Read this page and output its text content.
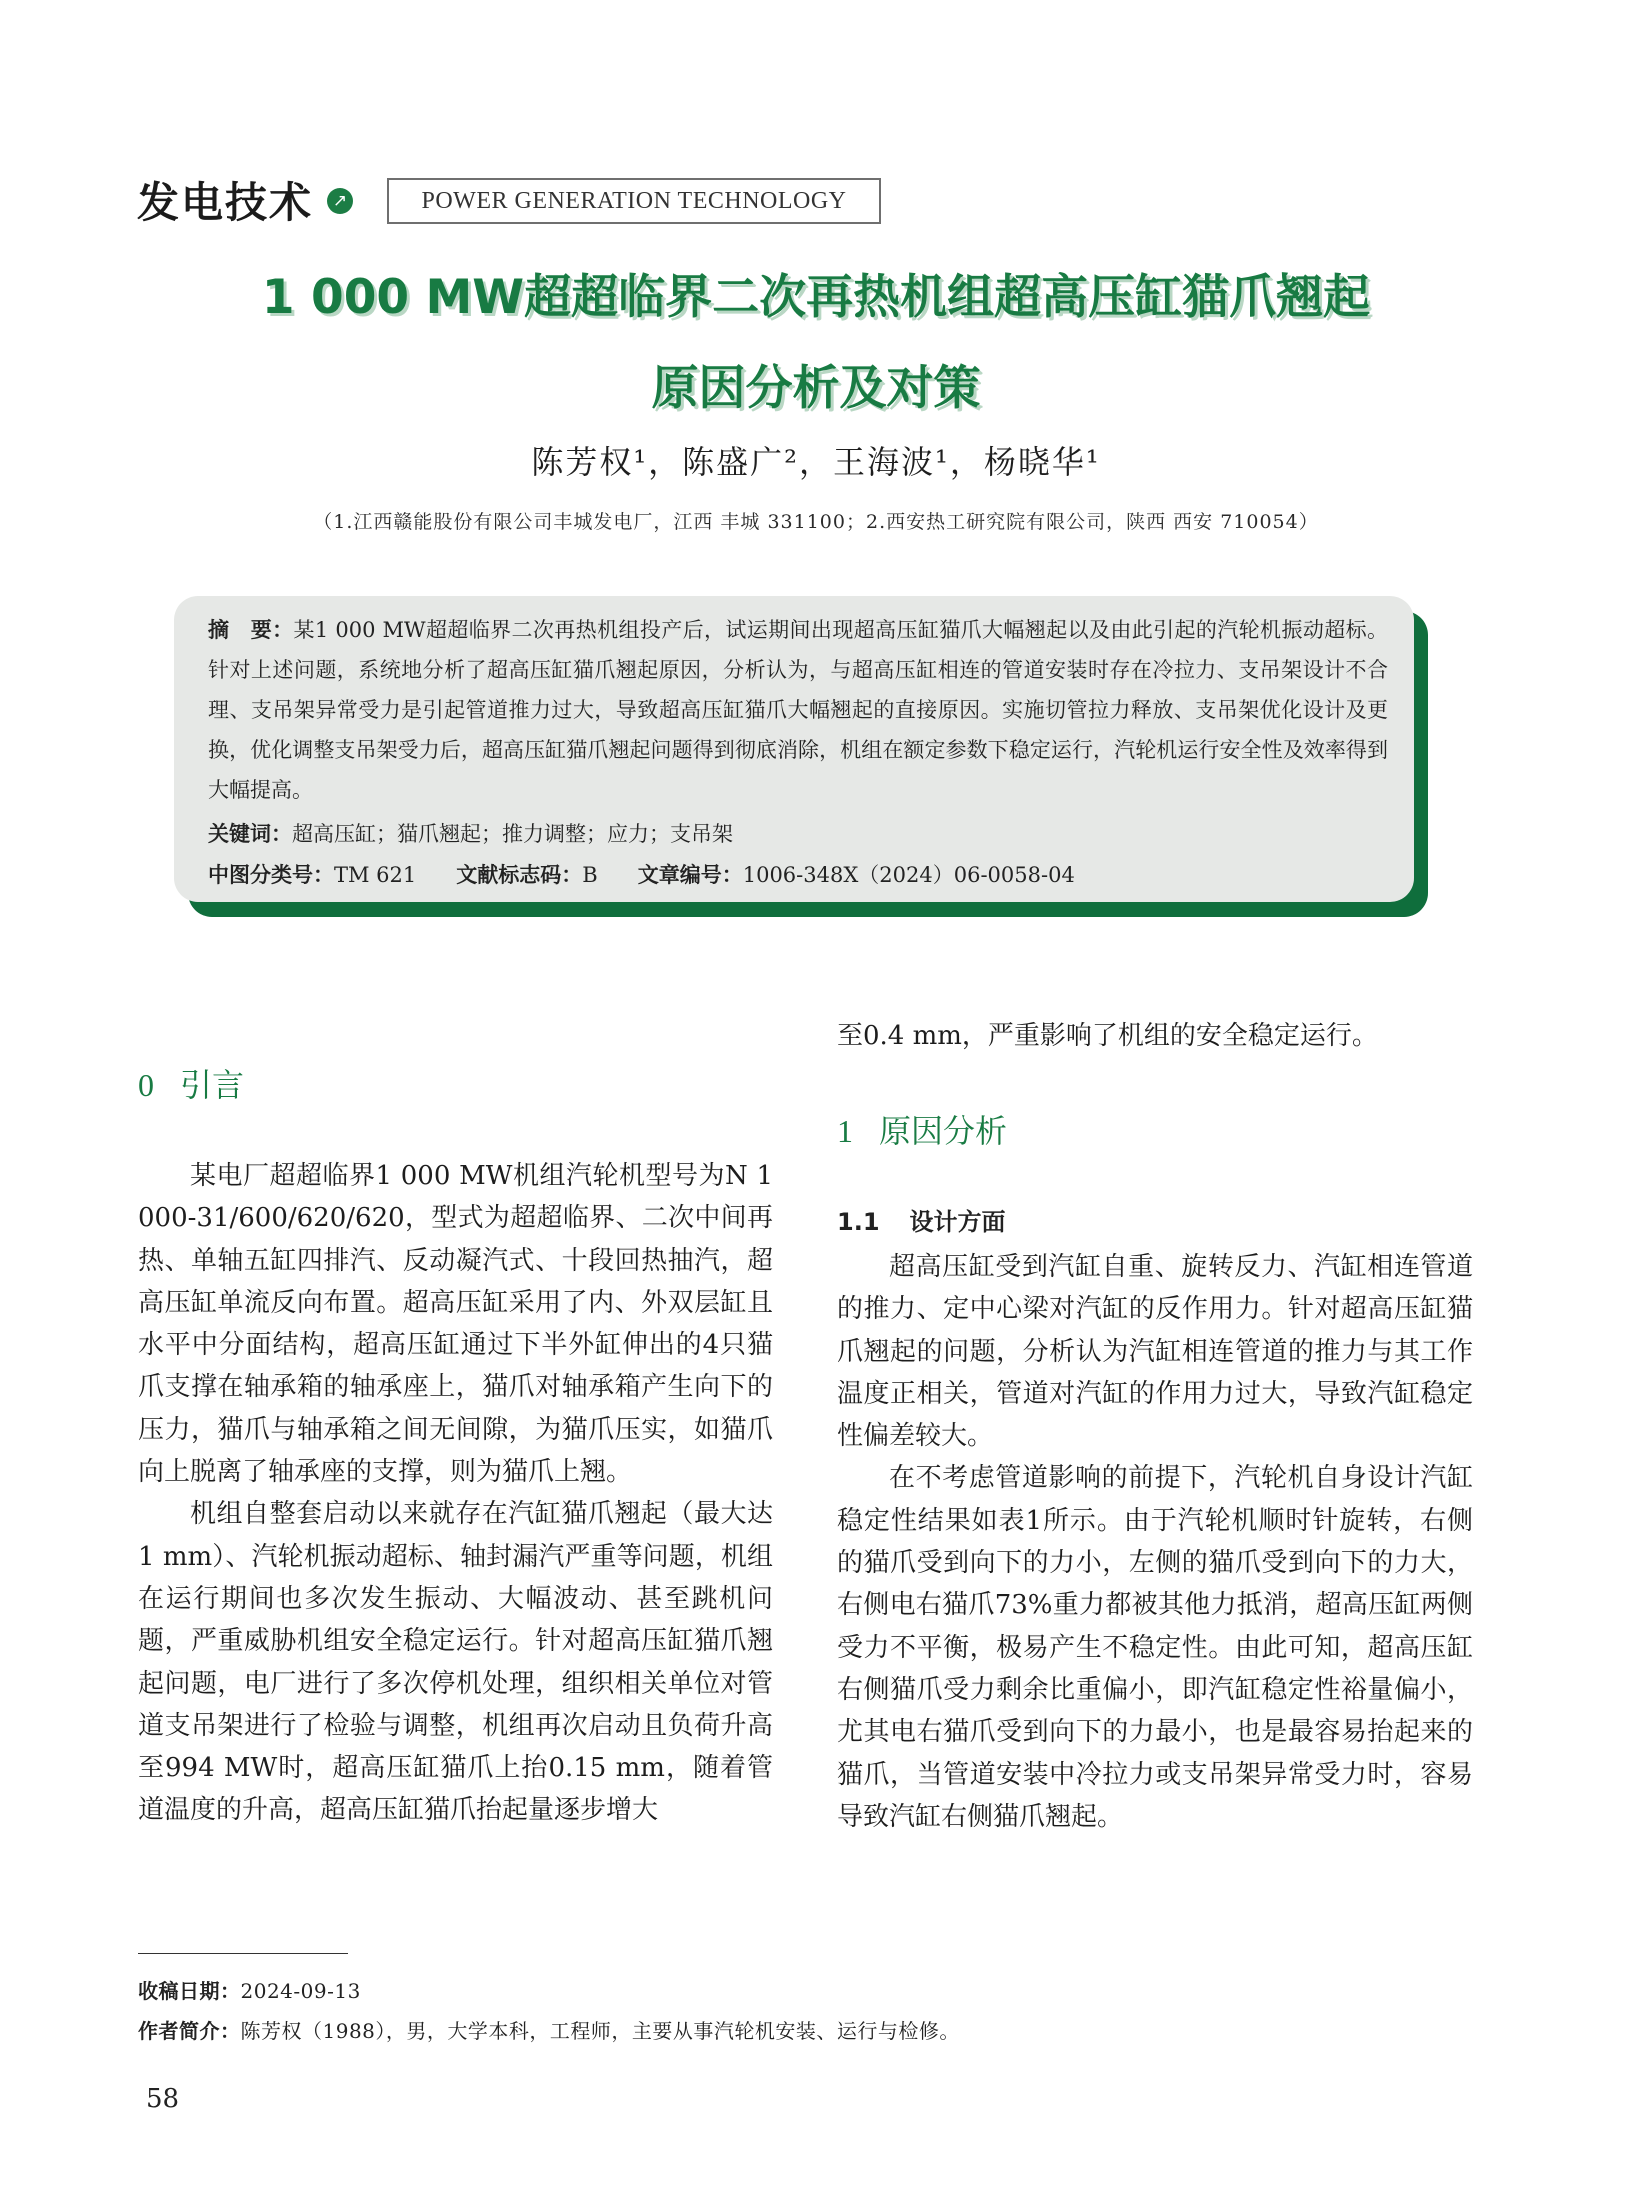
发电技术	↗	POWER GENERATION TECHNOLOGY
1 000 MW超超临界二次再热机组超高压缸猫爪翘起
原因分析及对策
陈芳权¹，陈盛广²，王海波¹，杨晓华¹
（1.江西赣能股份有限公司丰城发电厂，江西 丰城 331100；2.西安热工研究院有限公司，陕西 西安 710054）
摘　要：某1 000 MW超超临界二次再热机组投产后，试运期间出现超高压缸猫爪大幅翘起以及由此引起的汽轮机振动超标。针对上述问题，系统地分析了超高压缸猫爪翘起原因，分析认为，与超高压缸相连的管道安装时存在冷拉力、支吊架设计不合理、支吊架异常受力是引起管道推力过大，导致超高压缸猫爪大幅翘起的直接原因。实施切管拉力释放、支吊架优化设计及更换，优化调整支吊架受力后，超高压缸猫爪翘起问题得到彻底消除，机组在额定参数下稳定运行，汽轮机运行安全性及效率得到大幅提高。
关键词：超高压缸；猫爪翘起；推力调整；应力；支吊架
中图分类号：TM 621 文献标志码：B 文章编号：1006-348X（2024）06-0058-04
0 引言

某电厂超超临界1 000 MW机组汽轮机型号为N 1 000-31/600/620/620，型式为超超临界、二次中间再热、单轴五缸四排汽、反动凝汽式、十段回热抽汽，超高压缸单流反向布置。超高压缸采用了内、外双层缸且水平中分面结构，超高压缸通过下半外缸伸出的4只猫爪支撑在轴承箱的轴承座上，猫爪对轴承箱产生向下的压力，猫爪与轴承箱之间无间隙，为猫爪压实，如猫爪向上脱离了轴承座的支撑，则为猫爪上翘。

机组自整套启动以来就存在汽缸猫爪翘起（最大达1 mm）、汽轮机振动超标、轴封漏汽严重等问题，机组在运行期间也多次发生振动、大幅波动、甚至跳机问题，严重威胁机组安全稳定运行。针对超高压缸猫爪翘起问题，电厂进行了多次停机处理，组织相关单位对管道支吊架进行了检验与调整，机组再次启动且负荷升高至994 MW时，超高压缸猫爪上抬0.15 mm，随着管道温度的升高，超高压缸猫爪抬起量逐步增大

至0.4 mm，严重影响了机组的安全稳定运行。
1 原因分析
1.1 设计方面

超高压缸受到汽缸自重、旋转反力、汽缸相连管道的推力、定中心梁对汽缸的反作用力。针对超高压缸猫爪翘起的问题，分析认为汽缸相连管道的推力与其工作温度正相关，管道对汽缸的作用力过大，导致汽缸稳定性偏差较大。

在不考虑管道影响的前提下，汽轮机自身设计汽缸稳定性结果如表1所示。由于汽轮机顺时针旋转，右侧的猫爪受到向下的力小，左侧的猫爪受到向下的力大，右侧电右猫爪73%重力都被其他力抵消，超高压缸两侧受力不平衡，极易产生不稳定性。由此可知，超高压缸右侧猫爪受力剩余比重偏小，即汽缸稳定性裕量偏小，尤其电右猫爪受到向下的力最小，也是最容易抬起来的猫爪，当管道安装中冷拉力或支吊架异常受力时，容易导致汽缸右侧猫爪翘起。

收稿日期：2024-09-13
作者简介：陈芳权（1988），男，大学本科，工程师，主要从事汽轮机安装、运行与检修。
58
